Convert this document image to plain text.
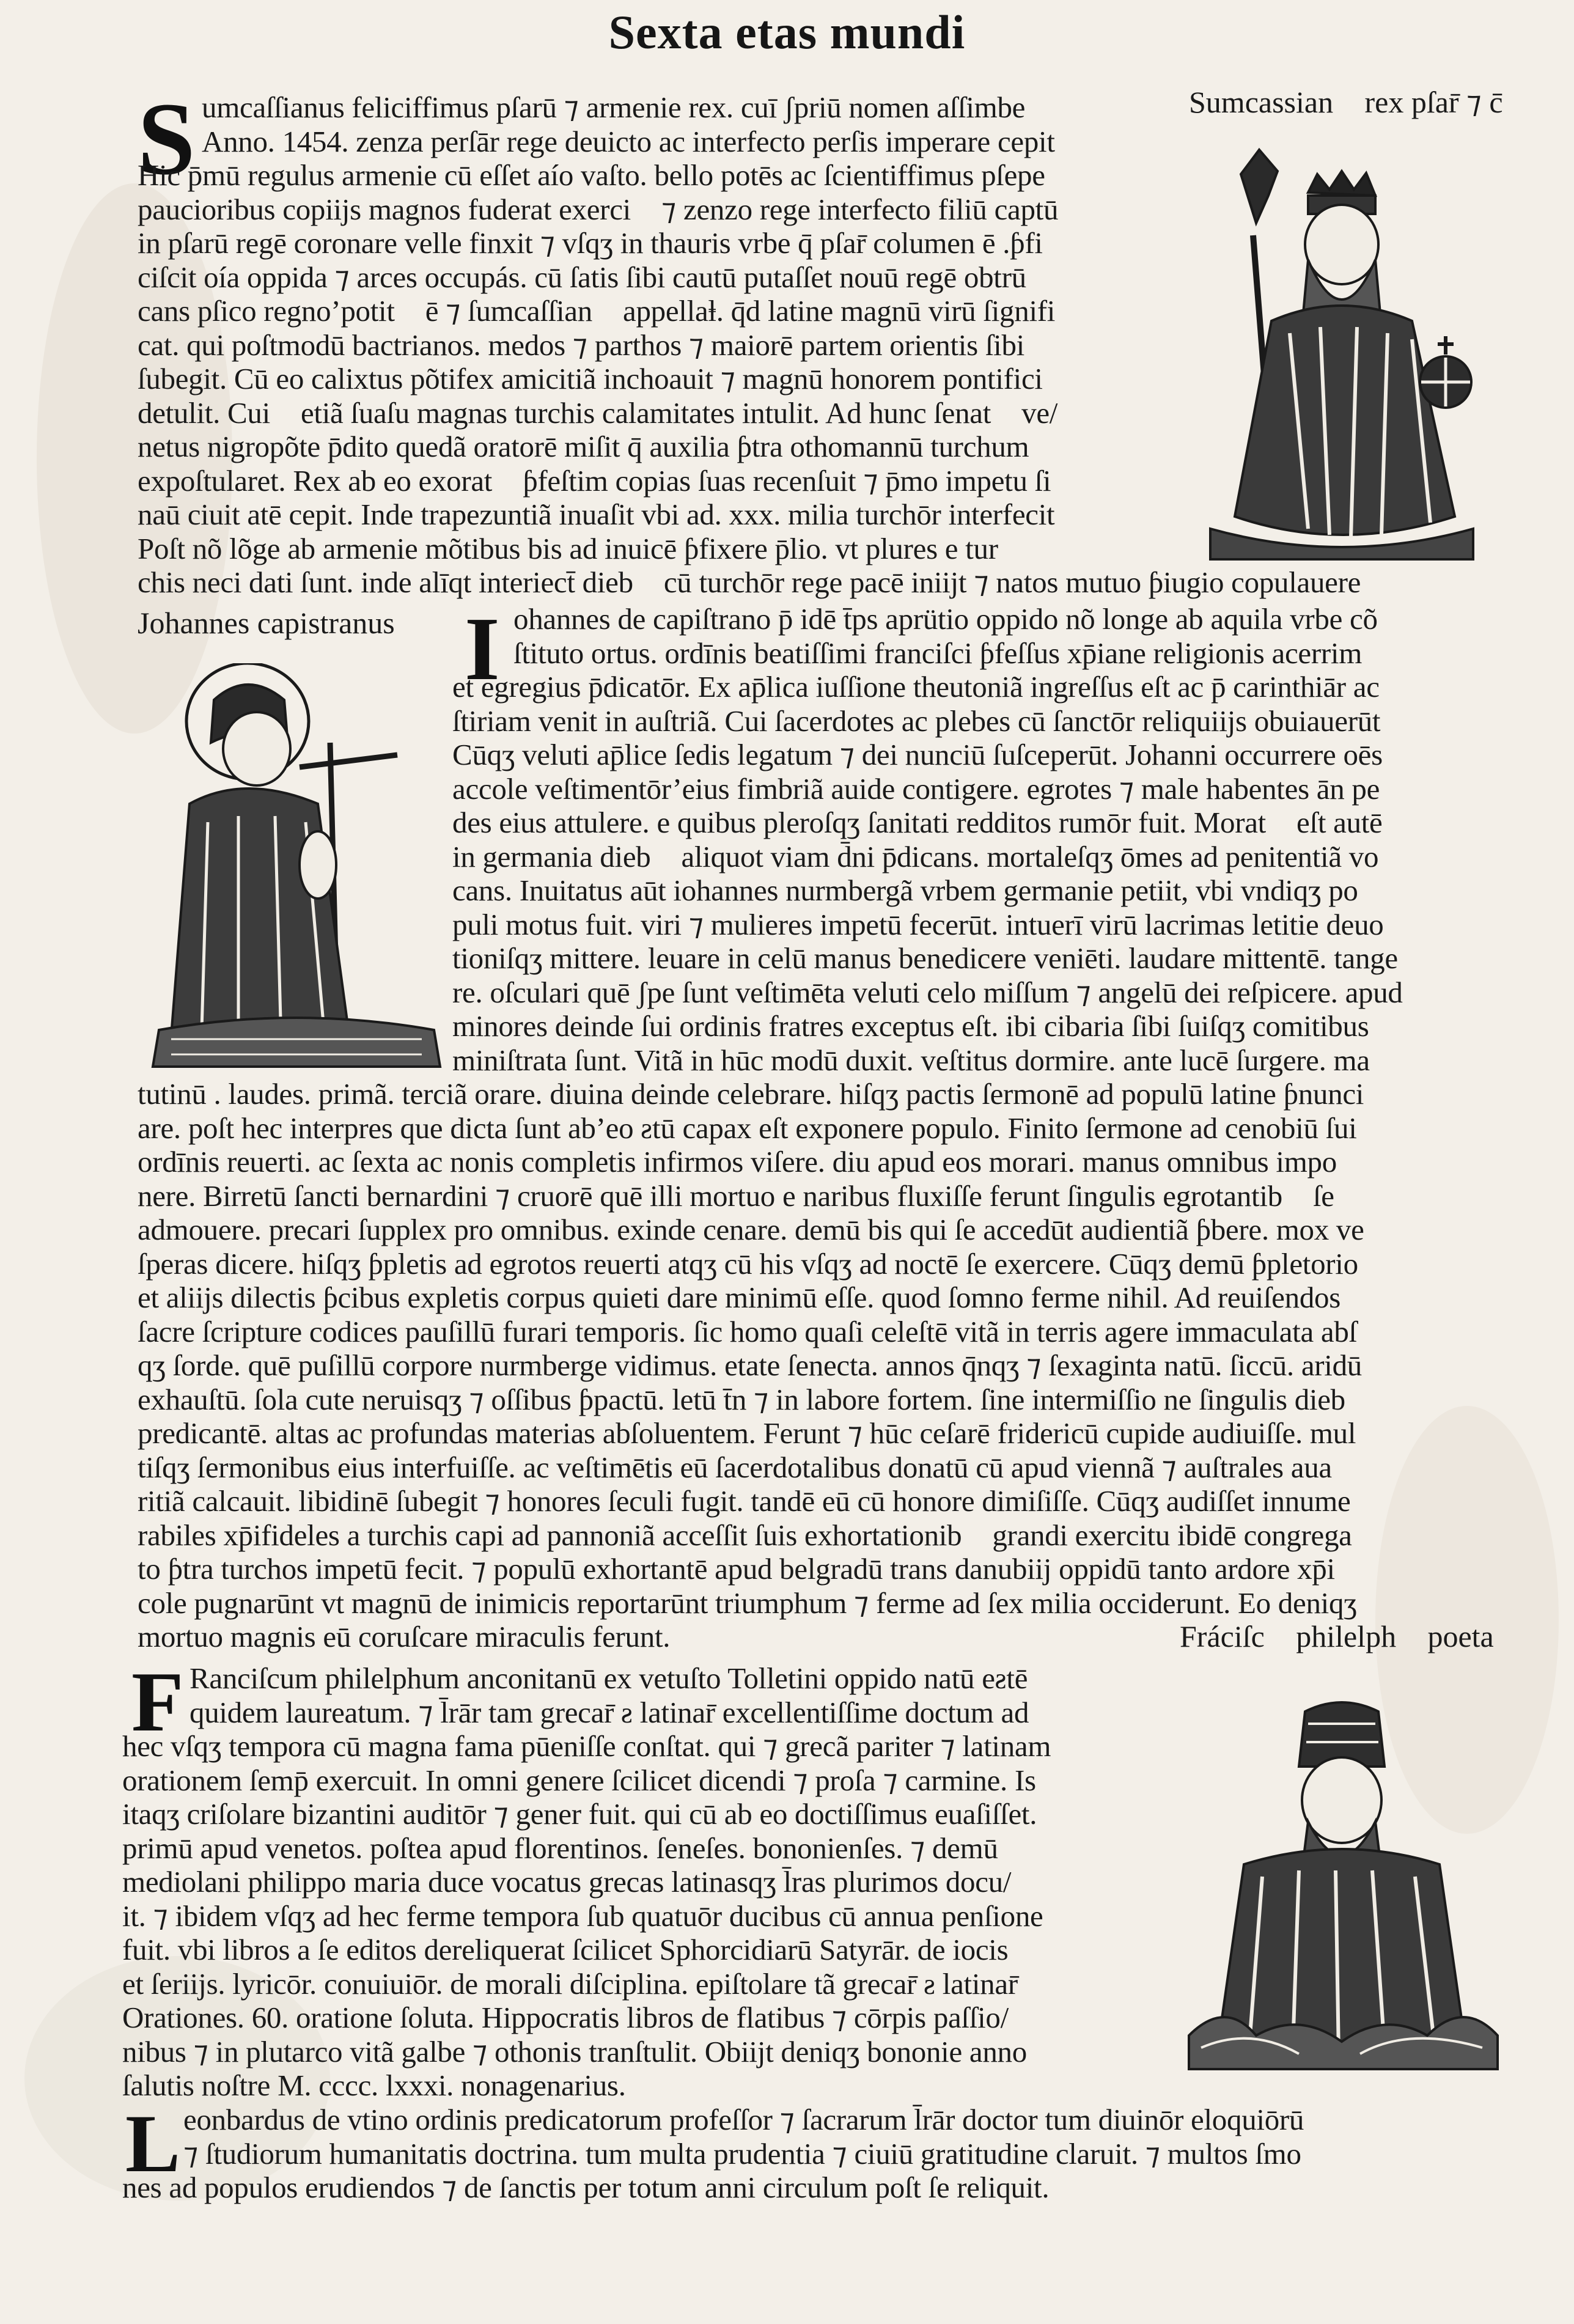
Sexta etas mundi
S umcaſſianus feliciffimus pſarū ⁊ armenie rex. cuī ʃpriū nomen aſſimbeᷣ
Anno. 1454. zenza perſār rege deuicto ac interfecto perſis imperare cepit
Hic p̄mū regulus armenie cū eſſet aío vaſto. bello potēs ac ſcientiffimus pſepe
paucioribus copiĳs magnos fuderat exerciᷣ ⁊ zenzo rege interfecto filiū captū
in pſarū regē coronare velle finxit ⁊ vſqʒ in thauris vrbe q̄ pſar̄ columen ē .ƥfi
ciſcit oía oppida ⁊ arces occupás. cū ſatis ſibi cautū putaſſet nouū regē obtrū
cans pſico regno’potitᷣ ē ⁊ ſumcaſſianᷣ appellaⱡ. q̄d latine magnū virū ſignifi
cat. qui poſtmodū bactrianos. medos ⁊ parthos ⁊ maiorē partem orientis ſibi
ſubegit. Cū eo calixtus põtifex amicitiã inchoauit ⁊ magnū honorem pontifici
detulit. Cuiᷣ etiã ſuaſu magnas turchis calamitates intulit. Ad hunc ſenatᷣ ve/
netus nigropõte p̄dito quedã oratorē miſit q̄ auxilia ƥtra othomannū turchum
expoſtularet. Rex ab eo exoratᷣ ƥfeſtim copias ſuas recenſuit ⁊ p̄mo impetu ſi
naū ciuit atē cepit. Inde trapezuntiã inuaſit vbi ad. xxx. milia turchōr interfecit
Poſt nõ lõge ab armenie mõtibus bis ad inuicē ƥfixere p̄lio. vt plures e tur
chis neci dati ſunt. inde alīqt interiect̄ diebᷣ cū turchōr rege pacē iniĳt ⁊ natos mutuo ƥiugio copulauere
Sumcassianᷣ rex pſar̄ ⁊ c̄
Johannes capistranus I ohannes de capiſtrano p̄ idē t̄ps aprütio oppido nõ longe ab aquila vrbe cõ
ſtituto ortus. ordīnis beatiſſimi franciſci ƥfeſſus xp̄iane religionis acerrimᷣ
et egregius p̄dicatōr. Ex ap̄lica iuſſione theutoniã ingreſſus eſt ac p̄ carinthiār ac
ſtiriam venit in auſtriã. Cui ſacerdotes ac plebes cū ſanctōr reliquiĳs obuiauerūt
Cūqʒ veluti ap̄lice ſedis legatum ⁊ dei nunciū ſuſceperūt. Johanni occurrere oēs
accole veſtimentōr’eius fimbriã auide contigere. egrotes ⁊ male habentes ān pe
des eius attulere. e quibus pleroſqʒ ſanitati redditos rumōr fuit. Moratᷣ eſt autē
in germania diebᷣ aliquot viam d̄ni p̄dicans. mortaleſqʒ ōmes ad penitentiã vo
cans. Inuitatus aūt iohannes nurmbergã vrbem germanie petiit, vbi vndiqʒ po
puli motus fuit. viri ⁊ mulieres impetū fecerūt. intuerī virū lacrimas letitie deuo
tioniſqʒ mittere. leuare in celū manus benedicere veniēti. laudare mittentē. tange
re. oſculari quē ʃpe ſunt veſtimēta veluti celo miſſum ⁊ angelū dei reſpicere. apud
minores deinde ſui ordinis fratres exceptus eſt. ibi cibaria ſibi ſuiſqʒ comitibus
miniſtrata ſunt. Vitã in hūc modū duxit. veſtitus dormire. ante lucē ſurgere. ma
tutinū . laudes. primã. terciã orare. diuina deinde celebrare. hiſqʒ pactis ſermonē ad populū latine ƥnunci
are. poſt hec interpres que dicta ſunt ab’eo ƨtū capax eſt exponere populo. Finito ſermone ad cenobiū ſui
ordīnis reuerti. ac ſexta ac nonis completis infirmos viſere. diu apud eos morari. manus omnibus impo
nere. Birretū ſancti bernardini ⁊ cruorē quē illi mortuo e naribus fluxiſſe ferunt ſingulis egrotantibᷣ ſe
admouere. precari ſupplex pro omnibus. exinde cenare. demū bis qui ſe accedūt audientiã ƥbere. mox ve
ſperas dicere. hiſqʒ ƥpletis ad egrotos reuerti atqʒ cū his vſqʒ ad noctē ſe exercere. Cūqʒ demū ƥpletorio
et aliĳs dilectis ƥcibus expletis corpus quieti dare minimū eſſe. quod ſomno ferme nihil. Ad reuiſendos
ſacre ſcripture codices pauſillū furari temporis. ſic homo quaſi celeſtē vitã in terris agere immaculata abſ
qʒ ſorde. quē puſillū corpore nurmberge vidimus. etate ſenecta. annos q̄nqʒ ⁊ ſexaginta natū. ſiccū. aridū
exhauſtū. ſola cute neruisqʒ ⁊ oſſibus ƥpactū. letū t̄n ⁊ in labore fortem. ſine intermiſſio ne ſingulis diebᷣ
predicantē. altas ac profundas materias abſoluentem. Ferunt ⁊ hūc ceſarē fridericū cupide audiuiſſe. mul
tiſqʒ ſermonibus eius interfuiſſe. ac veſtimētis eū ſacerdotalibus donatū cū apud viennã ⁊ auſtrales aua
ritiã calcauit. libidinē ſubegit ⁊ honores ſeculi fugit. tandē eū cū honore dimiſiſſe. Cūqʒ audiſſet innume
rabiles xp̄ifideles a turchis capi ad pannoniã acceſſit ſuis exhortationibᷣ grandi exercitu ibidē congrega
to ƥtra turchos impetū fecit. ⁊ populū exhortantē apud belgradū trans danubiĳ oppidū tanto ardore xp̄i
cole pugnarūnt vt magnū de inimicis reportarūnt triumphum ⁊ ferme ad ſex milia occiderunt. Eo deniqʒ
mortuo magnis eū coruſcare miraculis ferunt.	Fráciſcᷣ philelphᷣ poeta
F Ranciſcum philelphum anconitanū ex vetuſto Tolletini oppido natū eƨtē
quidem laureatum. ⁊ l̄rār tam grecar̄ ƨ latinar̄ excellentiſſime doctum ad
hec vſqʒ tempora cū magna fama pūeniſſe conſtat. qui ⁊ grecã pariter ⁊ latinam
orationem ſemp̄ exercuit. In omni genere ſcilicet dicendi ⁊ proſa ⁊ carmine. Is
itaqʒ criſolare bizantini auditōr ⁊ gener fuit. qui cū ab eo doctiſſimus euaſiſſet.
primū apud venetos. poſtea apud florentinos. ſeneſes. bononienſes. ⁊ demū
mediolani philippo maria duce vocatus grecas latinasqʒ l̄ras plurimos docu/
it. ⁊ ibidem vſqʒ ad hec ferme tempora ſub quatuōr ducibus cū annua penſione
fuit. vbi libros a ſe editos dereliquerat ſcilicet Sphorcidiarū Satyrār. de iocis
et ſeriĳs. lyricōr. conuiuiōr. de morali diſciplina. epiſtolare tã grecar̄ ƨ latinar̄
Orationes. 60. oratione ſoluta. Hippocratis libros de flatibus ⁊ cōrpis paſſio/
nibus ⁊ in plutarco vitã galbe ⁊ othonis tranſtulit. Obiĳt deniqʒ bononie anno
ſalutis noſtre M. cccc. lxxxi. nonagenarius.
L eonbardus de vtino ordinis predicatorum profeſſor ⁊ ſacrarum l̄rār doctor tum diuinōr eloquiōrū
⁊ ſtudiorum humanitatis doctrina. tum multa prudentia ⁊ ciuiū gratitudine claruit. ⁊ multos ſmo
nes ad populos erudiendos ⁊ de ſanctis per totum anni circulum poſt ſe reliquit.
